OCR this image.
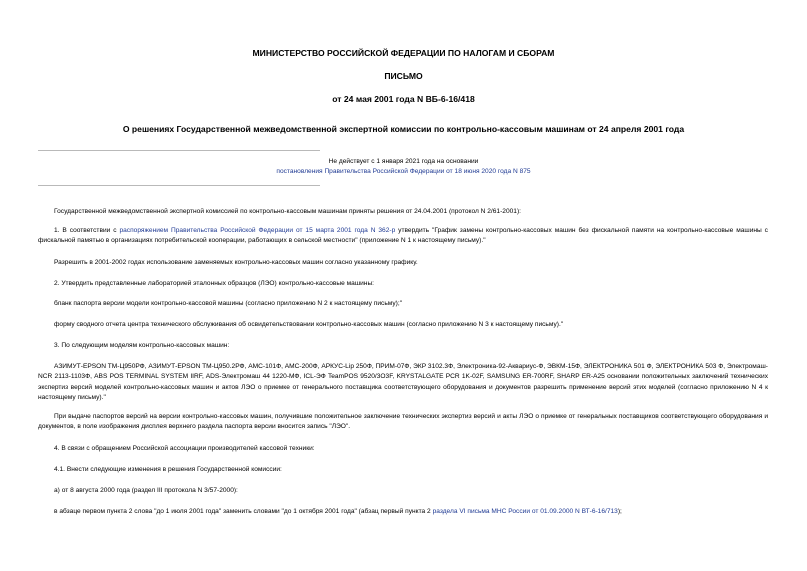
МИНИСТЕРСТВО РОССИЙСКОЙ ФЕДЕРАЦИИ ПО НАЛОГАМ И СБОРАМ
ПИСЬМО
от 24 мая 2001 года N ВБ-6-16/418
О решениях Государственной межведомственной экспертной комиссии по контрольно-кассовым машинам от 24 апреля 2001 года
Не действует с 1 января 2021 года на основании
постановления Правительства Российской Федерации от 18 июня 2020 года N 875
Государственной межведомственной экспертной комиссией по контрольно-кассовым машинам приняты решения от 24.04.2001 (протокол N 2/61-2001):
1. В соответствии с распоряжением Правительства Российской Федерации от 15 марта 2001 года N 362-р утвердить "График замены контрольно-кассовых машин без фискальной памяти на контрольно-кассовые машины с фискальной памятью в организациях потребительской кооперации, работающих в сельской местности" (приложение N 1 к настоящему письму)."
Разрешить в 2001-2002 годах использование заменяемых контрольно-кассовых машин согласно указанному графику.
2. Утвердить представленные лабораторией эталонных образцов (ЛЭО) контрольно-кассовые машины:
бланк паспорта версии модели контрольно-кассовой машины (согласно приложению N 2 к настоящему письму);"
форму сводного отчета центра технического обслуживания об освидетельствовании контрольно-кассовых машин (согласно приложению N 3 к настоящему письму)."
3. По следующим моделям контрольно-кассовых машин:
АЗИМУТ-EPSON TM-Ц950РФ, АЗИМУТ-EPSON TM-Ц950.2РФ, АМС-101Ф, АМС-200Ф, АРКУС-Lip 250Ф, ПРИМ-07Ф, ЭКР 3102.3Ф, Электроника-92-Аквариус-Ф, ЭВКМ-15Ф, ЭЛЕКТРОНИКА 501 Ф, ЭЛЕКТРОНИКА 503 Ф, Электромаш-NCR 2113-1103Ф, ABS POS TERMINAL SYSTEM IIRF, ADS-Электромаш 44 1220-МФ, ICL-ЭФ TeamPOS 9520/3O3F, KRYSTALGATE PCR 1K-02F, SAMSUNG ER-700RF, SHARP ER-A25 основании положительных заключений технических экспертиз версий моделей контрольно-кассовых машин и актов ЛЭО о приемке от генерального поставщика соответствующего оборудования и документов разрешить применение версий этих моделей (согласно приложению N 4 к настоящему письму)."
При выдаче паспортов версий на версии контрольно-кассовых машин, получившие положительное заключение технических экспертиз версий и акты ЛЭО о приемке от генеральных поставщиков соответствующего оборудования и документов, в поле изображения дисплея верхнего раздела паспорта версии вносится запись "ЛЭО".
4. В связи с обращением Российской ассоциации производителей кассовой техники:
4.1. Внести следующие изменения в решения Государственной комиссии:
а) от 8 августа 2000 года (раздел III протокола N 3/57-2000):
в абзаце первом пункта 2 слова "до 1 июля 2001 года" заменить словами "до 1 октября 2001 года" (абзац первый пункта 2 раздела VI письма МНС России от 01.09.2000 N ВТ-6-16/713);
